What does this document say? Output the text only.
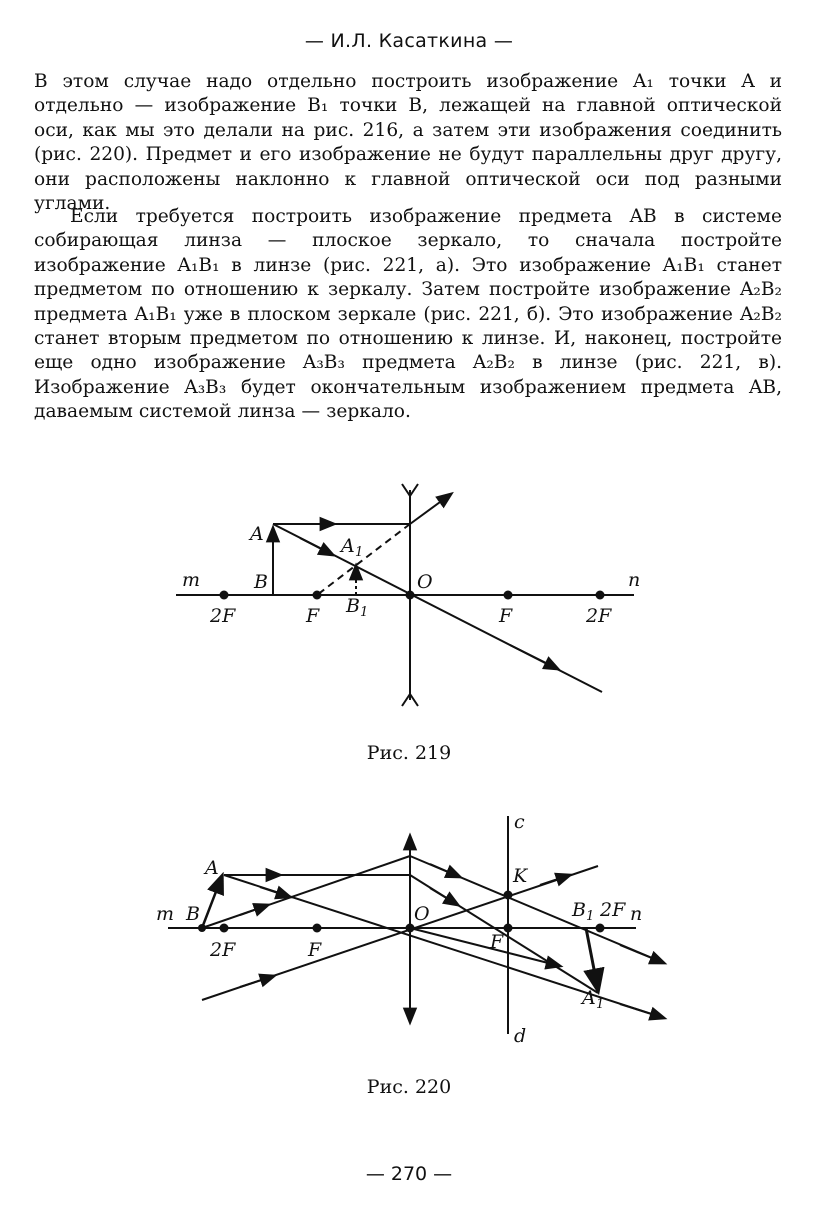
— И.Л. Касаткина —

В этом случае надо отдельно построить изображение A₁ точки A и отдельно — изображение B₁ точки B, лежащей на главной оптической оси, как мы это делали на рис. 216, а затем эти изображения соединить (рис. 220). Предмет и его изображение не будут параллельны друг другу, они расположены наклонно к главной оптической оси под разными углами.

Если требуется построить изображение предмета AB в системе собирающая линза — плоское зеркало, то сначала постройте изображение A₁B₁ в линзе (рис. 221, а). Это изображение A₁B₁ станет предметом по отношению к зеркалу. Затем постройте изображение A₂B₂ предмета A₁B₁ уже в плоском зеркале (рис. 221, б). Это изображение A₂B₂ станет вторым предметом по отношению к линзе. И, наконец, постройте еще одно изображение A₃B₃ предмета A₂B₂ в линзе (рис. 221, в). Изображение A₃B₃ будет окончательным изображением предмета AB, даваемым системой линза — зеркало.

m	n
A
B
A 1
B 1
O
2F	F	F	2F
Рис. 219
m B
A
2F	F
O
F
K
c
d
B 1 2F n
A 1
Рис. 220
— 270 —
